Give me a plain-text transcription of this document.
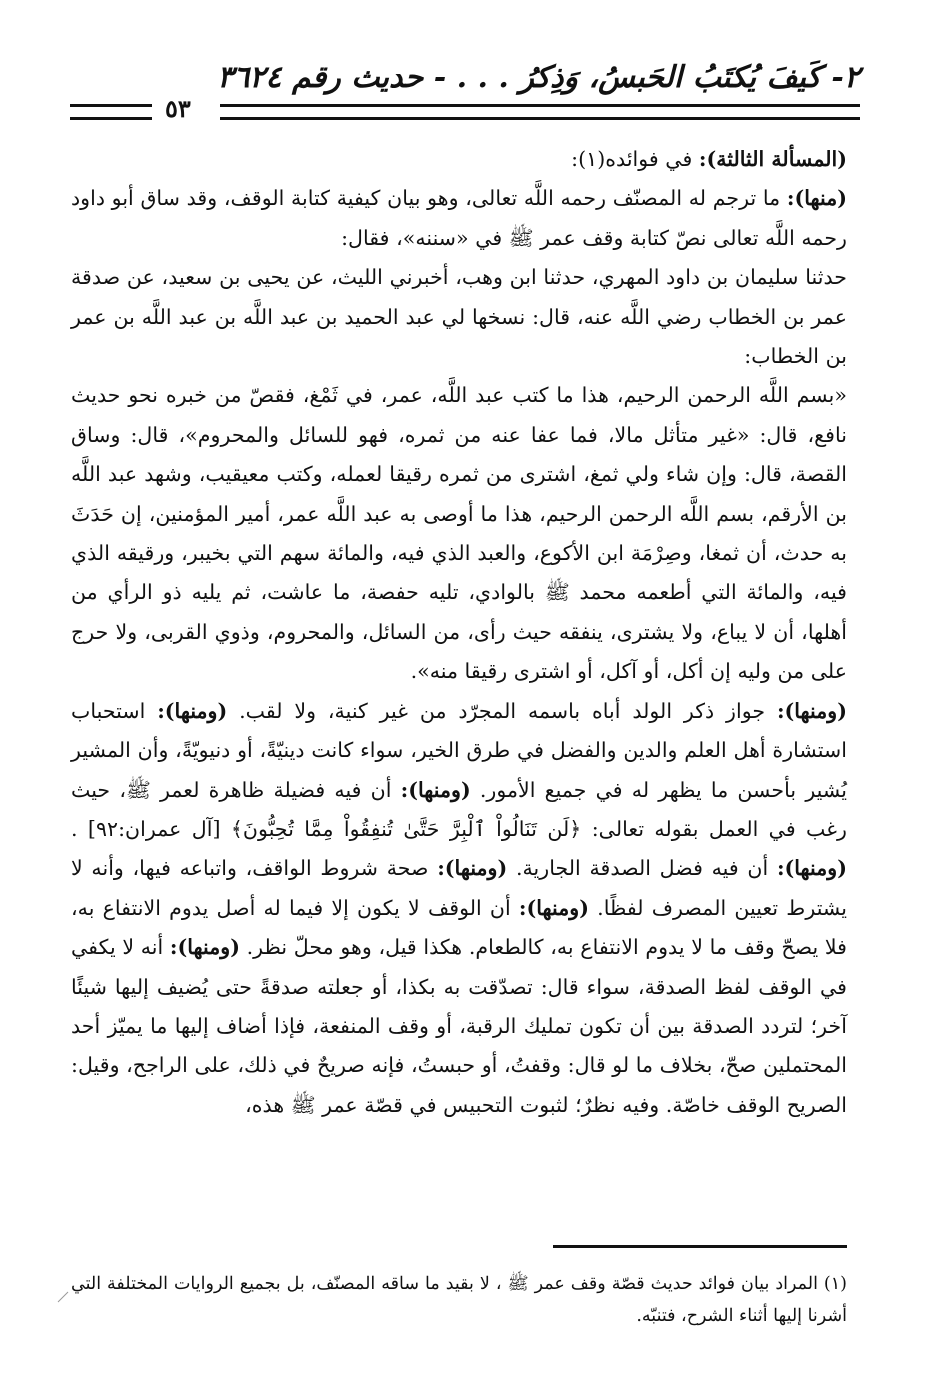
٢- كَيفَ يُكتَبُ الحَبسُ، وَذِكرُ . . . - حديث رقم ٣٦٢٤
٥٣

(المسألة الثالثة): في فوائده(١):

(منها): ما ترجم له المصنّف رحمه اللَّه تعالى، وهو بيان كيفية كتابة الوقف، وقد ساق أبو داود رحمه اللَّه تعالى نصّ كتابة وقف عمر ﷺ في «سننه»، فقال:

حدثنا سليمان بن داود المهري، حدثنا ابن وهب، أخبرني الليث، عن يحيى بن سعيد، عن صدقة عمر بن الخطاب رضي اللَّه عنه، قال: نسخها لي عبد الحميد بن عبد اللَّه بن عبد اللَّه بن عمر بن الخطاب:

«بسم اللَّه الرحمن الرحيم، هذا ما كتب عبد اللَّه، عمر، في ثَمْغ، فقصّ من خبره نحو حديث نافع، قال: «غير متأثل مالا، فما عفا عنه من ثمره، فهو للسائل والمحروم»، قال: وساق القصة، قال: وإن شاء ولي ثمغ، اشترى من ثمره رقيقا لعمله، وكتب معيقيب، وشهد عبد اللَّه بن الأرقم، بسم اللَّه الرحمن الرحيم، هذا ما أوصى به عبد اللَّه عمر، أمير المؤمنين، إن حَدَثَ به حدث، أن ثمغا، وصِرْمَة ابن الأكوع، والعبد الذي فيه، والمائة سهم التي بخيبر، ورقيقه الذي فيه، والمائة التي أطعمه محمد ﷺ بالوادي، تليه حفصة، ما عاشت، ثم يليه ذو الرأي من أهلها، أن لا يباع، ولا يشترى، ينفقه حيث رأى، من السائل، والمحروم، وذوي القربى، ولا حرج على من وليه إن أكل، أو آكل، أو اشترى رقيقا منه».

(ومنها): جواز ذكر الولد أباه باسمه المجرّد من غير كنية، ولا لقب. (ومنها): استحباب استشارة أهل العلم والدين والفضل في طرق الخير، سواء كانت دينيّةً، أو دنيويّةً، وأن المشير يُشير بأحسن ما يظهر له في جميع الأمور. (ومنها): أن فيه فضيلة ظاهرة لعمر ﷺ، حيث رغب في العمل بقوله تعالى: ﴿لَن تَنَالُواْ ٱلْبِرَّ حَتَّىٰ تُنفِقُواْ مِمَّا تُحِبُّونَ﴾ [آل عمران:٩٢] . (ومنها): أن فيه فضل الصدقة الجارية. (ومنها): صحة شروط الواقف، واتباعه فيها، وأنه لا يشترط تعيين المصرف لفظًا. (ومنها): أن الوقف لا يكون إلا فيما له أصل يدوم الانتفاع به، فلا يصحّ وقف ما لا يدوم الانتفاع به، كالطعام. هكذا قيل، وهو محلّ نظر. (ومنها): أنه لا يكفي في الوقف لفظ الصدقة، سواء قال: تصدّقت به بكذا، أو جعلته صدقةً حتى يُضيف إليها شيئًا آخر؛ لتردد الصدقة بين أن تكون تمليك الرقبة، أو وقف المنفعة، فإذا أضاف إليها ما يميّز أحد المحتملين صحّ، بخلاف ما لو قال: وقفتُ، أو حبستُ، فإنه صريحٌ في ذلك، على الراجح، وقيل: الصريح الوقف خاصّة. وفيه نظرٌ؛ لثبوت التحبيس في قصّة عمر ﷺ هذه،

(١) المراد بيان فوائد حديث قصّة وقف عمر ﷺ ، لا بقيد ما ساقه المصنّف، بل بجميع الروايات المختلفة التي أشرنا إليها أثناء الشرح، فتنبّه.
